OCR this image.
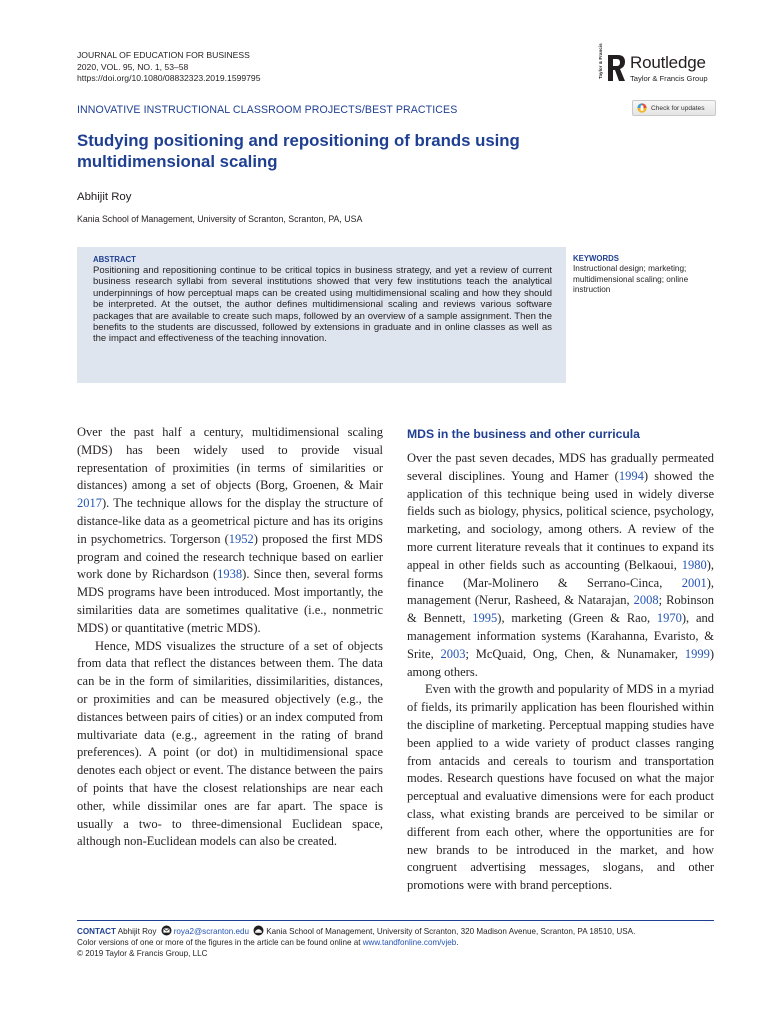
JOURNAL OF EDUCATION FOR BUSINESS
2020, VOL. 95, NO. 1, 53–58
https://doi.org/10.1080/08832323.2019.1599795	Taylor & Francis Routledge
Taylor & Francis Group
INNOVATIVE INSTRUCTIONAL CLASSROOM PROJECTS/BEST PRACTICES	Check for updates
Studying positioning and repositioning of brands using multidimensional scaling
Abhijit Roy
Kania School of Management, University of Scranton, Scranton, PA, USA
ABSTRACT
Positioning and repositioning continue to be critical topics in business strategy, and yet a review of current business research syllabi from several institutions showed that very few institutions teach the analytical underpinnings of how perceptual maps can be created using multidimensional scaling and how they should be interpreted. At the outset, the author defines multidimensional scaling and reviews various software packages that are available to create such maps, followed by an overview of a sample assignment. Then the benefits to the students are discussed, followed by extensions in graduate and in online classes as well as the impact and effectiveness of the teaching innovation.
KEYWORDS
Instructional design; marketing; multidimensional scaling; online instruction

Over the past half a century, multidimensional scaling (MDS) has been widely used to provide visual representation of proximities (in terms of similarities or distances) among a set of objects (Borg, Groenen, & Mair 2017). The technique allows for the display the structure of distance-like data as a geometrical picture and has its origins in psychometrics. Torgerson (1952) proposed the first MDS program and coined the research technique based on earlier work done by Richardson (1938). Since then, several forms MDS programs have been introduced. Most importantly, the similarities data are sometimes qualitative (i.e., nonmetric MDS) or quantitative (metric MDS).

Hence, MDS visualizes the structure of a set of objects from data that reflect the distances between them. The data can be in the form of similarities, dissimilarities, distances, or proximities and can be measured objectively (e.g., the distances between pairs of cities) or an index computed from multivariate data (e.g., agreement in the rating of brand preferences). A point (or dot) in multidimensional space denotes each object or event. The distance between the pairs of points that have the closest relationships are near each other, while dissimilar ones are far apart. The space is usually a two- to three-dimensional Euclidean space, although non-Euclidean models can also be created.

MDS in the business and other curricula

Over the past seven decades, MDS has gradually permeated several disciplines. Young and Hamer (1994) showed the application of this technique being used in widely diverse fields such as biology, physics, political science, psychology, marketing, and sociology, among others. A review of the more current literature reveals that it continues to expand its appeal in other fields such as accounting (Belkaoui, 1980), finance (Mar-Molinero & Serrano-Cinca, 2001), management (Nerur, Rasheed, & Natarajan, 2008; Robinson & Bennett, 1995), marketing (Green & Rao, 1970), and management information systems (Karahanna, Evaristo, & Srite, 2003; McQuaid, Ong, Chen, & Nunamaker, 1999) among others.

Even with the growth and popularity of MDS in a myriad of fields, its primarily application has been flourished within the discipline of marketing. Perceptual mapping studies have been applied to a wide variety of product classes ranging from antacids and cereals to tourism and transportation modes. Research questions have focused on what the major perceptual and evaluative dimensions were for each product class, what existing brands are perceived to be similar or different from each other, where the opportunities are for new brands to be introduced in the market, and how congruent advertising messages, slogans, and other promotions were with brand perceptions.

CONTACT Abhijit Roy roya2@scranton.edu Kania School of Management, University of Scranton, 320 Madison Avenue, Scranton, PA 18510, USA.
Color versions of one or more of the figures in the article can be found online at www.tandfonline.com/vjeb.
© 2019 Taylor & Francis Group, LLC
